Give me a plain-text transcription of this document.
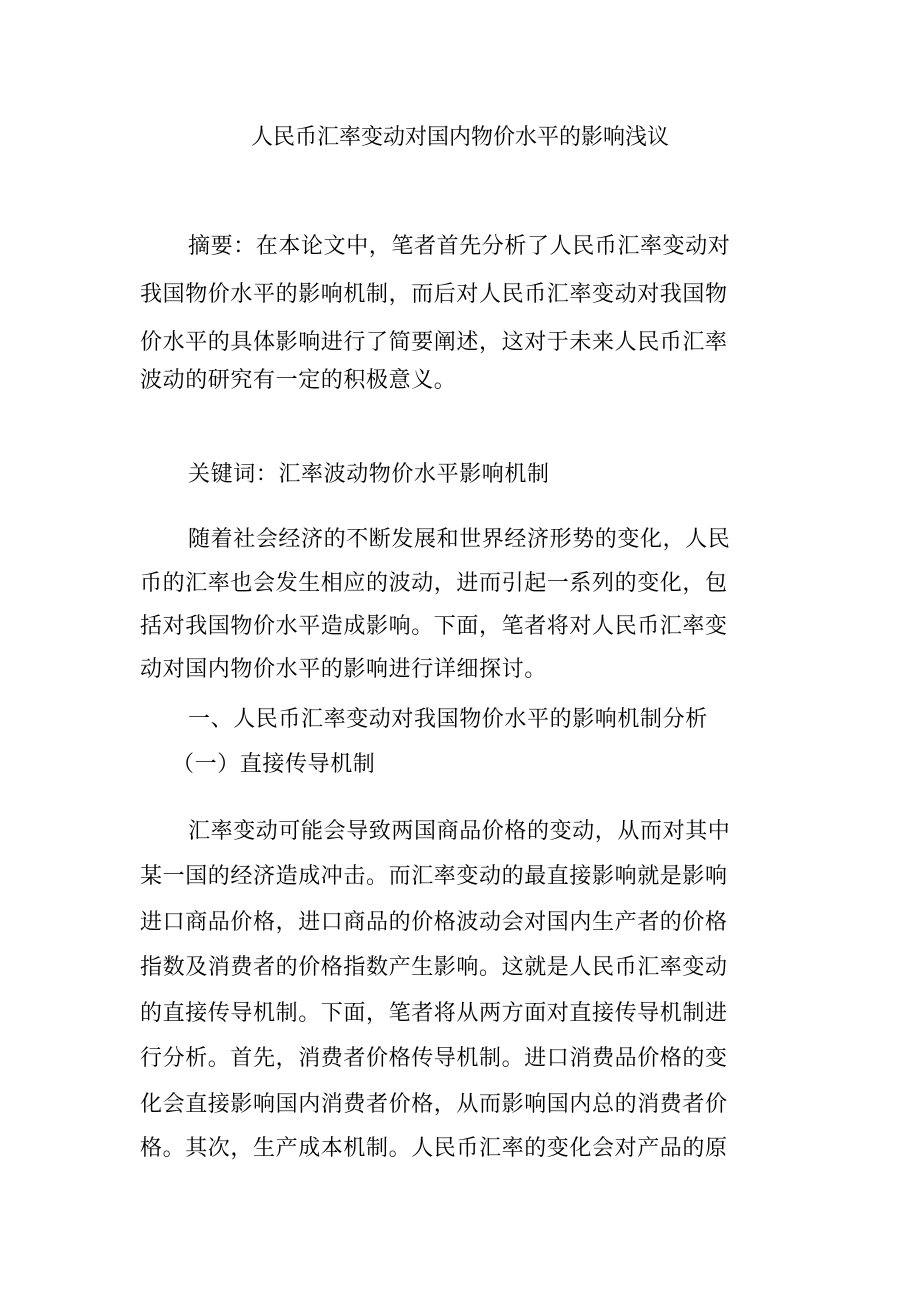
人民币汇率变动对国内物价水平的影响浅议
摘要：在本论文中，笔者首先分析了人民币汇率变动对
我国物价水平的影响机制，而后对人民币汇率变动对我国物
价水平的具体影响进行了简要阐述，这对于未来人民币汇率
波动的研究有一定的积极意义。
关键词：汇率波动物价水平影响机制
随着社会经济的不断发展和世界经济形势的变化，人民
币的汇率也会发生相应的波动，进而引起一系列的变化，包
括对我国物价水平造成影响。下面，笔者将对人民币汇率变
动对国内物价水平的影响进行详细探讨。
一、人民币汇率变动对我国物价水平的影响机制分析
（一）直接传导机制
汇率变动可能会导致两国商品价格的变动，从而对其中
某一国的经济造成冲击。而汇率变动的最直接影响就是影响
进口商品价格，进口商品的价格波动会对国内生产者的价格
指数及消费者的价格指数产生影响。这就是人民币汇率变动
的直接传导机制。下面，笔者将从两方面对直接传导机制进
行分析。首先，消费者价格传导机制。进口消费品价格的变
化会直接影响国内消费者价格，从而影响国内总的消费者价
格。其次，生产成本机制。人民币汇率的变化会对产品的原
